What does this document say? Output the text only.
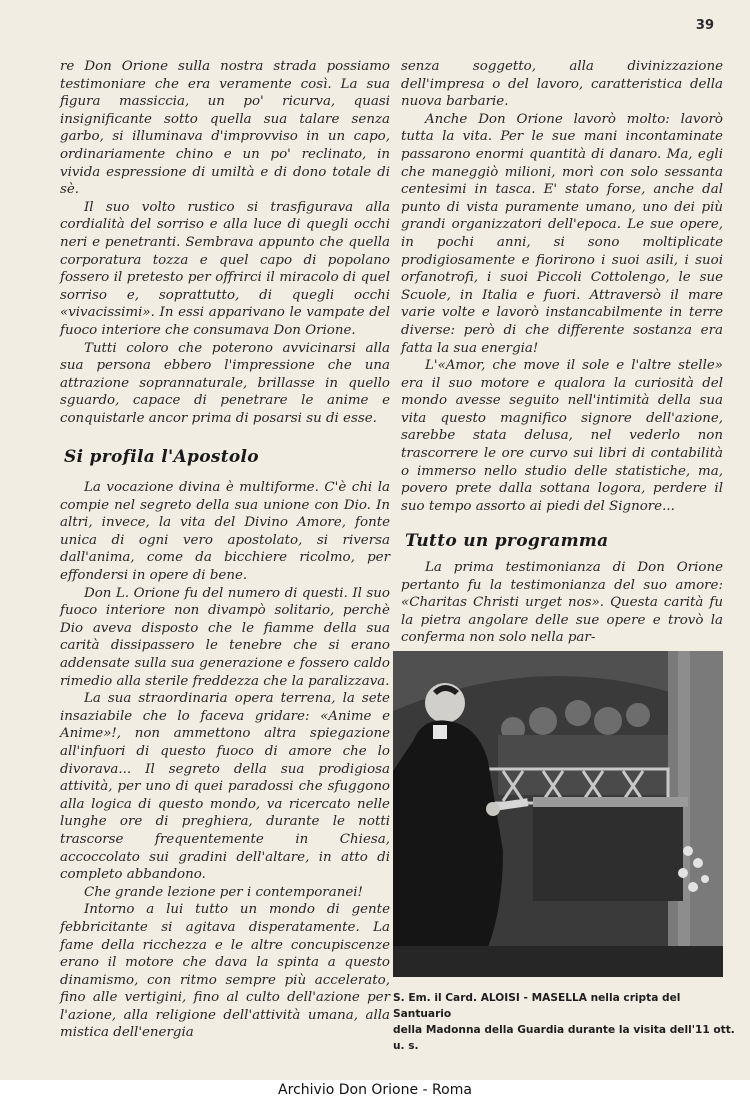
39

re Don Orione sulla nostra strada possiamo testimoniare che era veramente così. La sua figura massiccia, un po' ricurva, quasi insignificante sotto quella sua talare senza garbo, si illuminava d'improvviso in un capo, ordinariamente chino e un po' reclinato, in vivida espressione di umiltà e di dono totale di sè.

Il suo volto rustico si trasfigurava alla cordialità del sorriso e alla luce di quegli occhi neri e penetranti. Sembrava appunto che quella corporatura tozza e quel capo di popolano fossero il pretesto per offrirci il miracolo di quel sorriso e, soprattutto, di quegli occhi «vivacissimi». In essi apparivano le vampate del fuoco interiore che consumava Don Orione.

Tutti coloro che poterono avvicinarsi alla sua persona ebbero l'impressione che una attrazione soprannaturale, brillasse in quello sguardo, capace di penetrare le anime e conquistarle ancor prima di posarsi su di esse.

Si profila l'Apostolo

La vocazione divina è multiforme. C'è chi la compie nel segreto della sua unione con Dio. In altri, invece, la vita del Divino Amore, fonte unica di ogni vero apostolato, si riversa dall'anima, come da bicchiere ricolmo, per effondersi in opere di bene.

Don L. Orione fu del numero di questi. Il suo fuoco interiore non divampò solitario, perchè Dio aveva disposto che le fiamme della sua carità dissipassero le tenebre che si erano addensate sulla sua generazione e fossero caldo rimedio alla sterile freddezza che la paralizzava.

La sua straordinaria opera terrena, la sete insaziabile che lo faceva gridare: «Anime e Anime»!, non ammettono altra spiegazione all'infuori di questo fuoco di amore che lo divorava... Il segreto della sua prodigiosa attività, per uno di quei paradossi che sfuggono alla logica di questo mondo, va ricercato nelle lunghe ore di preghiera, durante le notti trascorse frequentemente in Chiesa, accoccolato sui gradini dell'altare, in atto di completo abbandono.

Che grande lezione per i contemporanei!

Intorno a lui tutto un mondo di gente febbricitante si agitava disperatamente. La fame della ricchezza e le altre concupiscenze erano il motore che dava la spinta a questo dinamismo, con ritmo sempre più accelerato, fino alle vertigini, fino al culto dell'azione per l'azione, alla religione dell'attività umana, alla mistica dell'energia

senza soggetto, alla divinizzazione dell'impresa o del lavoro, caratteristica della nuova barbarie.

Anche Don Orione lavorò molto: lavorò tutta la vita. Per le sue mani incontaminate passarono enormi quantità di danaro. Ma, egli che maneggiò milioni, morì con solo sessanta centesimi in tasca. E' stato forse, anche dal punto di vista puramente umano, uno dei più grandi organizzatori dell'epoca. Le sue opere, in pochi anni, si sono moltiplicate prodigiosamente e fiorirono i suoi asili, i suoi orfanotrofi, i suoi Piccoli Cottolengo, le sue Scuole, in Italia e fuori. Attraversò il mare varie volte e lavorò instancabilmente in terre diverse: però di che differente sostanza era fatta la sua energia!

L'«Amor, che move il sole e l'altre stelle» era il suo motore e qualora la curiosità del mondo avesse seguito nell'intimità della sua vita questo magnifico signore dell'azione, sarebbe stata delusa, nel vederlo non trascorrere le ore curvo sui libri di contabilità o immerso nello studio delle statistiche, ma, povero prete dalla sottana logora, perdere il suo tempo assorto ai piedi del Signore...

Tutto un programma

La prima testimonianza di Don Orione pertanto fu la testimonianza del suo amore: «Charitas Christi urget nos». Questa carità fu la pietra angolare delle sue opere e trovò la conferma non solo nella par-

S. Em. il Card. ALOISI - MASELLA nella cripta del Santuario
della Madonna della Guardia durante la visita dell'11 ott. u. s.
Archivio Don Orione - Roma
